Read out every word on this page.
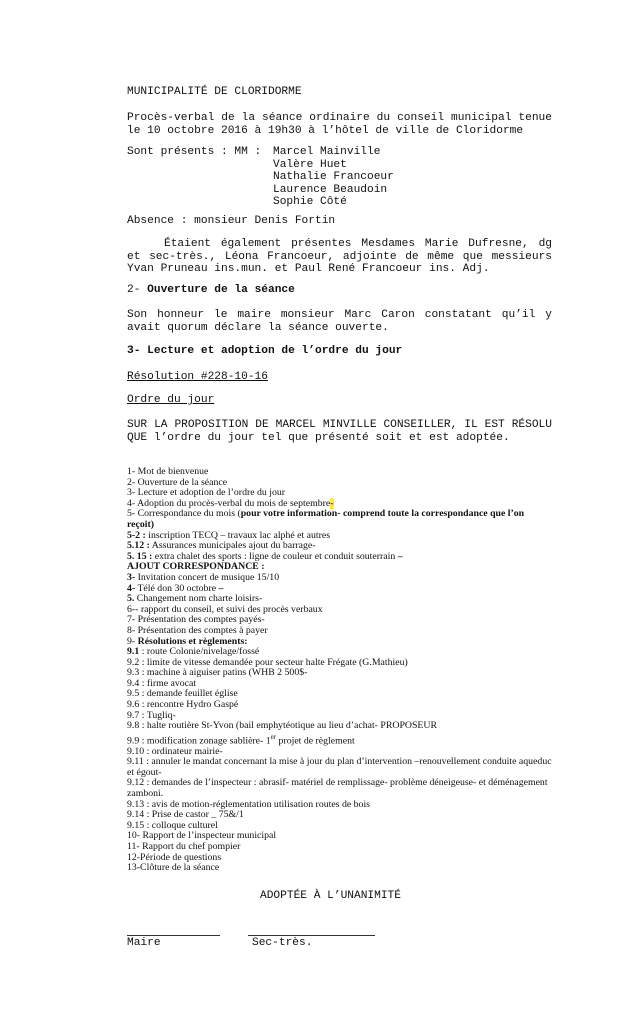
MUNICIPALITÉ DE CLORIDORME

Procès-verbal de la séance ordinaire du conseil municipal tenue le 10 octobre 2016 à 19h30 à l’hôtel de ville de Cloridorme

Sont présents : MM : Marcel Mainville
Valère Huet
Nathalie Francoeur
Laurence Beaudoin
Sophie Côté

Absence : monsieur Denis Fortin

Étaient également présentes Mesdames Marie Dufresne, dg et sec-très., Léona Francoeur, adjointe de même que messieurs Yvan Pruneau ins.mun. et Paul René Francoeur ins. Adj.

2- Ouverture de la séance

Son honneur le maire monsieur Marc Caron constatant qu’il y avait quorum déclare la séance ouverte.

3- Lecture et adoption de l’ordre du jour

Résolution #228-10-16

Ordre du jour

SUR LA PROPOSITION DE MARCEL MINVILLE CONSEILLER, IL EST RÉSOLU QUE l’ordre du jour tel que présenté soit et est adoptée.

1- Mot de bienvenue
2- Ouverture de la séance
3- Lecture et adoption de l’ordre du jour
4- Adoption du procès-verbal du mois de septembre-
5- Correspondance du mois (pour votre information- comprend toute la correspondance que l’on reçoit)
5-2 : inscription TECQ – travaux lac alphé et autres
5.12 : Assurances municipales ajout du barrage-
5. 15 : extra chalet des sports : ligne de couleur et conduit souterrain –
AJOUT CORRESPONDANCE :
3- Invitation concert de musique 15/10
4- Télé don 30 octobre –
5. Changement nom charte loisirs-
6-- rapport du conseil, et suivi des procès verbaux
7- Présentation des comptes payés-
8- Présentation des comptes à payer
9- Résolutions et règlements:
9.1 : route Colonie/nivelage/fossé
9.2 : limite de vitesse demandée pour secteur halte Frégate (G.Mathieu)
9.3 : machine à aiguiser patins (WHB 2 500$-
9.4 : firme avocat
9.5 : demande feuillet église
9.6 : rencontre Hydro Gaspé
9.7 : Tugliq-
9.8 : halte routière St-Yvon (bail emphytéotique au lieu d’achat- PROPOSEUR
9.9 : modification zonage sablière- 1er projet de règlement
9.10 : ordinateur mairie-
9.11 : annuler le mandat concernant la mise à jour du plan d’intervention –renouvellement conduite aqueduc et égout-
9.12 : demandes de l’inspecteur : abrasif- matériel de remplissage- problème déneigeuse- et déménagement zamboni.
9.13 : avis de motion-réglementation utilisation routes de bois
9.14 : Prise de castor _ 75&/1
9.15 : colloque culturel
10- Rapport de l’inspecteur municipal
11- Rapport du chef pompier
12-Période de questions
13-Clôture de la séance

ADOPTÉE À L’UNANIMITÉ

Maire	Sec-très.
